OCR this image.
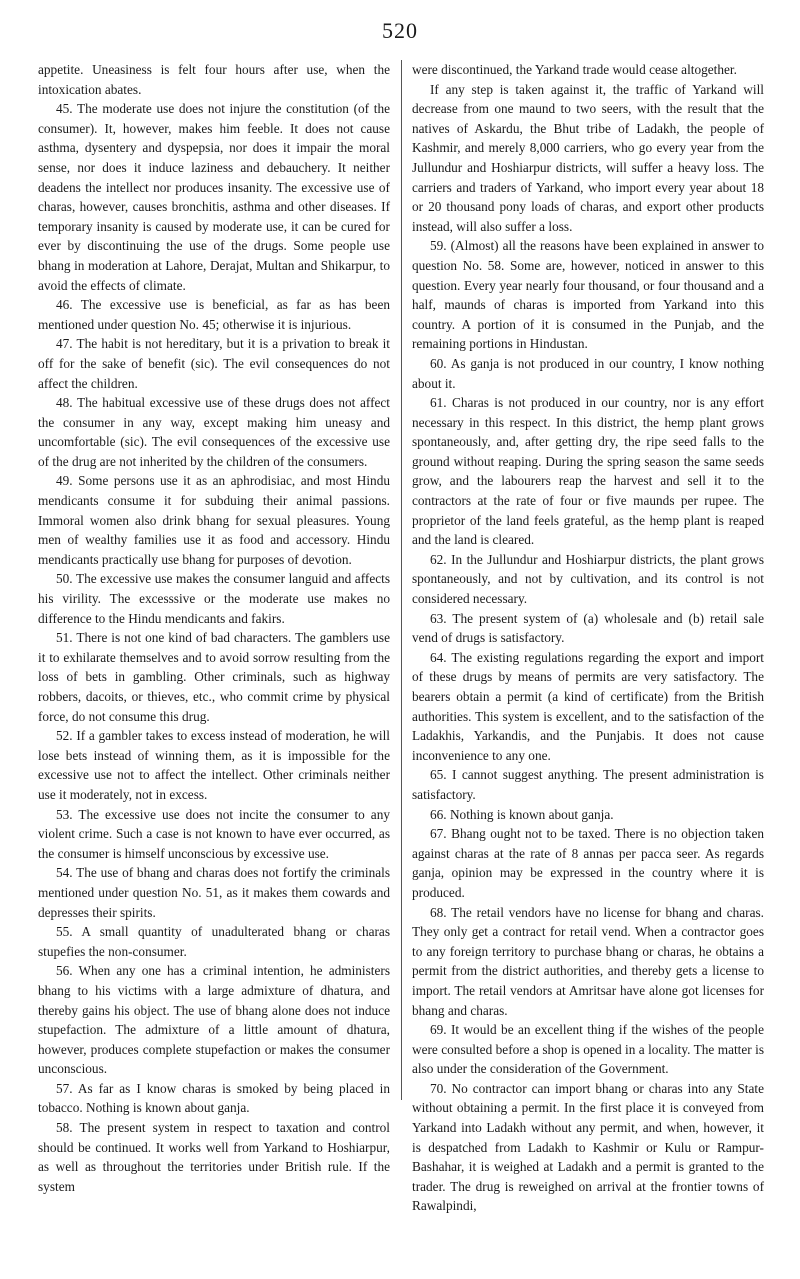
520

appetite. Uneasiness is felt four hours after use, when the intoxication abates.

45. The moderate use does not injure the constitution (of the consumer). It, however, makes him feeble. It does not cause asthma, dysentery and dyspepsia, nor does it impair the moral sense, nor does it induce laziness and debauchery. It neither deadens the intellect nor produces insanity. The excessive use of charas, however, causes bronchitis, asthma and other diseases. If temporary insanity is caused by moderate use, it can be cured for ever by discontinuing the use of the drugs. Some people use bhang in moderation at Lahore, Derajat, Multan and Shikarpur, to avoid the effects of climate.

46. The excessive use is beneficial, as far as has been mentioned under question No. 45; otherwise it is injurious.

47. The habit is not hereditary, but it is a privation to break it off for the sake of benefit (sic). The evil consequences do not affect the children.

48. The habitual excessive use of these drugs does not affect the consumer in any way, except making him uneasy and uncomfortable (sic). The evil consequences of the excessive use of the drug are not inherited by the children of the consumers.

49. Some persons use it as an aphrodisiac, and most Hindu mendicants consume it for subduing their animal passions. Immoral women also drink bhang for sexual pleasures. Young men of wealthy families use it as food and accessory. Hindu mendicants practically use bhang for purposes of devotion.

50. The excessive use makes the consumer languid and affects his virility. The excesssive or the moderate use makes no difference to the Hindu mendicants and fakirs.

51. There is not one kind of bad characters. The gamblers use it to exhilarate themselves and to avoid sorrow resulting from the loss of bets in gambling. Other criminals, such as highway robbers, dacoits, or thieves, etc., who commit crime by physical force, do not consume this drug.

52. If a gambler takes to excess instead of moderation, he will lose bets instead of winning them, as it is impossible for the excessive use not to affect the intellect. Other criminals neither use it moderately, not in excess.

53. The excessive use does not incite the consumer to any violent crime. Such a case is not known to have ever occurred, as the consumer is himself unconscious by excessive use.

54. The use of bhang and charas does not fortify the criminals mentioned under question No. 51, as it makes them cowards and depresses their spirits.

55. A small quantity of unadulterated bhang or charas stupefies the non-consumer.

56. When any one has a criminal intention, he administers bhang to his victims with a large admixture of dhatura, and thereby gains his object. The use of bhang alone does not induce stupefaction. The admixture of a little amount of dhatura, however, produces complete stupefaction or makes the consumer unconscious.

57. As far as I know charas is smoked by being placed in tobacco. Nothing is known about ganja.

58. The present system in respect to taxation and control should be continued. It works well from Yarkand to Hoshiarpur, as well as throughout the territories under British rule. If the system

were discontinued, the Yarkand trade would cease altogether.

If any step is taken against it, the traffic of Yarkand will decrease from one maund to two seers, with the result that the natives of Askardu, the Bhut tribe of Ladakh, the people of Kashmir, and merely 8,000 carriers, who go every year from the Jullundur and Hoshiarpur districts, will suffer a heavy loss. The carriers and traders of Yarkand, who import every year about 18 or 20 thousand pony loads of charas, and export other products instead, will also suffer a loss.

59. (Almost) all the reasons have been explained in answer to question No. 58. Some are, however, noticed in answer to this question. Every year nearly four thousand, or four thousand and a half, maunds of charas is imported from Yarkand into this country. A portion of it is consumed in the Punjab, and the remaining portions in Hindustan.

60. As ganja is not produced in our country, I know nothing about it.

61. Charas is not produced in our country, nor is any effort necessary in this respect. In this district, the hemp plant grows spontaneously, and, after getting dry, the ripe seed falls to the ground without reaping. During the spring season the same seeds grow, and the labourers reap the harvest and sell it to the contractors at the rate of four or five maunds per rupee. The proprietor of the land feels grateful, as the hemp plant is reaped and the land is cleared.

62. In the Jullundur and Hoshiarpur districts, the plant grows spontaneously, and not by cultivation, and its control is not considered necessary.

63. The present system of (a) wholesale and (b) retail sale vend of drugs is satisfactory.

64. The existing regulations regarding the export and import of these drugs by means of permits are very satisfactory. The bearers obtain a permit (a kind of certificate) from the British authorities. This system is excellent, and to the satisfaction of the Ladakhis, Yarkandis, and the Punjabis. It does not cause inconvenience to any one.

65. I cannot suggest anything. The present administration is satisfactory.

66. Nothing is known about ganja.

67. Bhang ought not to be taxed. There is no objection taken against charas at the rate of 8 annas per pacca seer. As regards ganja, opinion may be expressed in the country where it is produced.

68. The retail vendors have no license for bhang and charas. They only get a contract for retail vend. When a contractor goes to any foreign territory to purchase bhang or charas, he obtains a permit from the district authorities, and thereby gets a license to import. The retail vendors at Amritsar have alone got licenses for bhang and charas.

69. It would be an excellent thing if the wishes of the people were consulted before a shop is opened in a locality. The matter is also under the consideration of the Government.

70. No contractor can import bhang or charas into any State without obtaining a permit. In the first place it is conveyed from Yarkand into Ladakh without any permit, and when, however, it is despatched from Ladakh to Kashmir or Kulu or Rampur-Bashahar, it is weighed at Ladakh and a permit is granted to the trader. The drug is reweighed on arrival at the frontier towns of Rawalpindi,
